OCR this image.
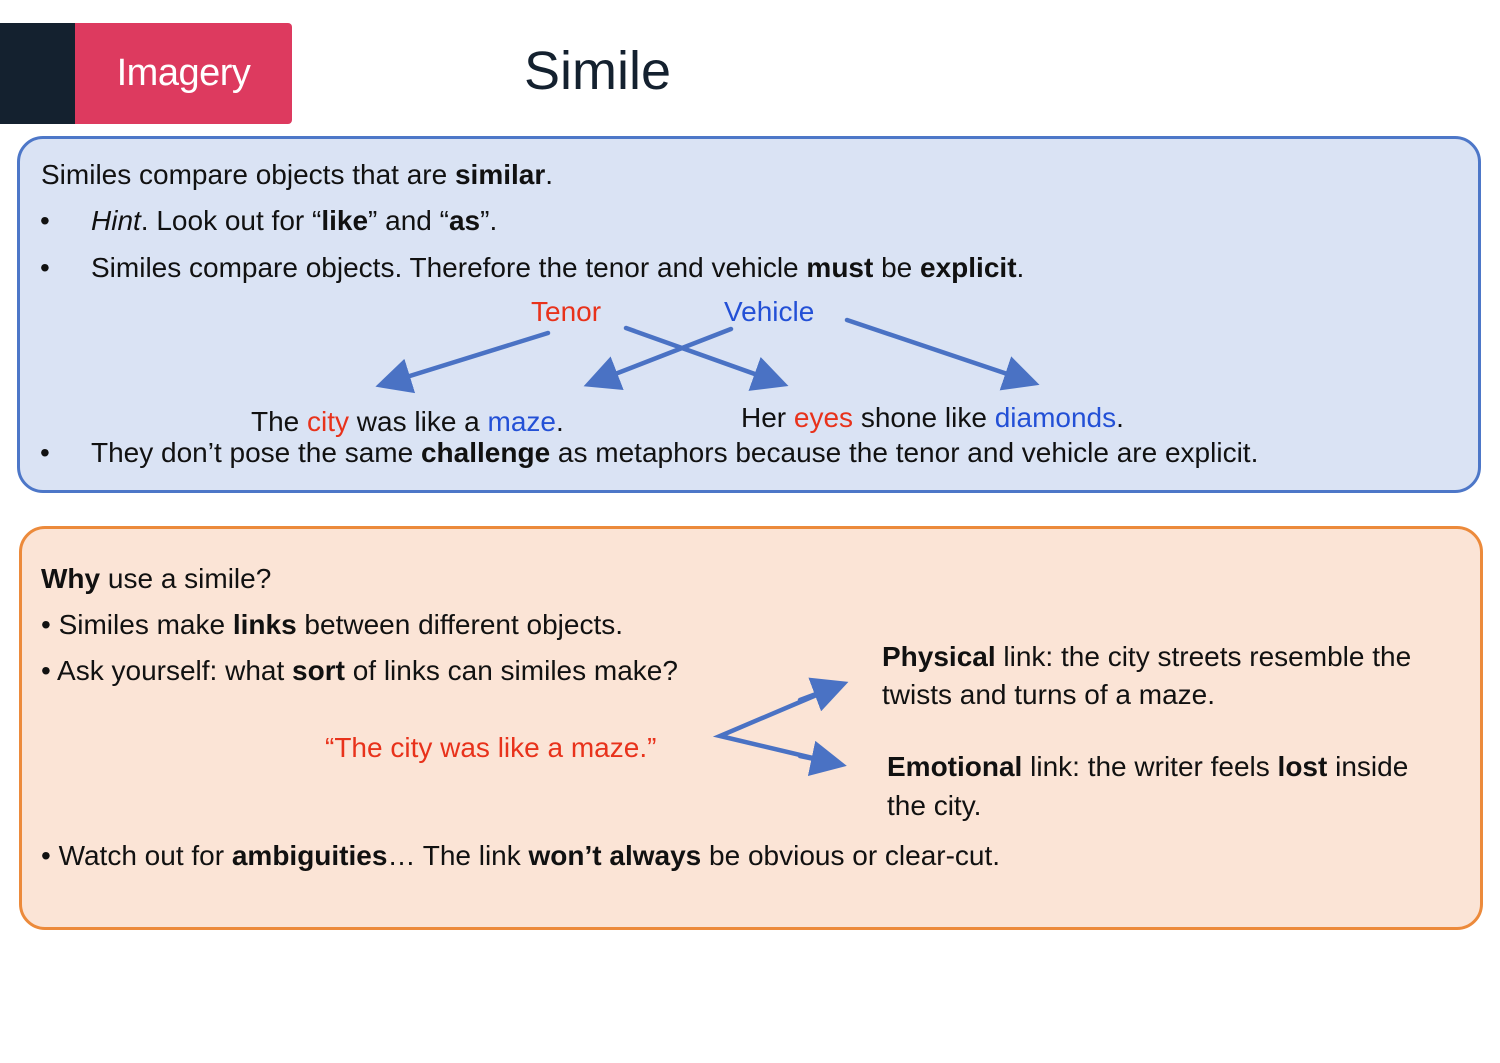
Imagery	Simile
Similes compare objects that are similar.
• Hint. Look out for “like” and “as”.
• Similes compare objects. Therefore the tenor and vehicle must be explicit.
Tenor	Vehicle
The city was like a maze.	Her eyes shone like diamonds.
• They don’t pose the same challenge as metaphors because the tenor and vehicle are explicit.
Why use a simile?
• Similes make links between different objects.
• Ask yourself: what sort of links can similes make?
“The city was like a maze.”
Physical link: the city streets resemble the
twists and turns of a maze.
Emotional link: the writer feels lost inside
the city.
• Watch out for ambiguities… The link won’t always be obvious or clear-cut.
